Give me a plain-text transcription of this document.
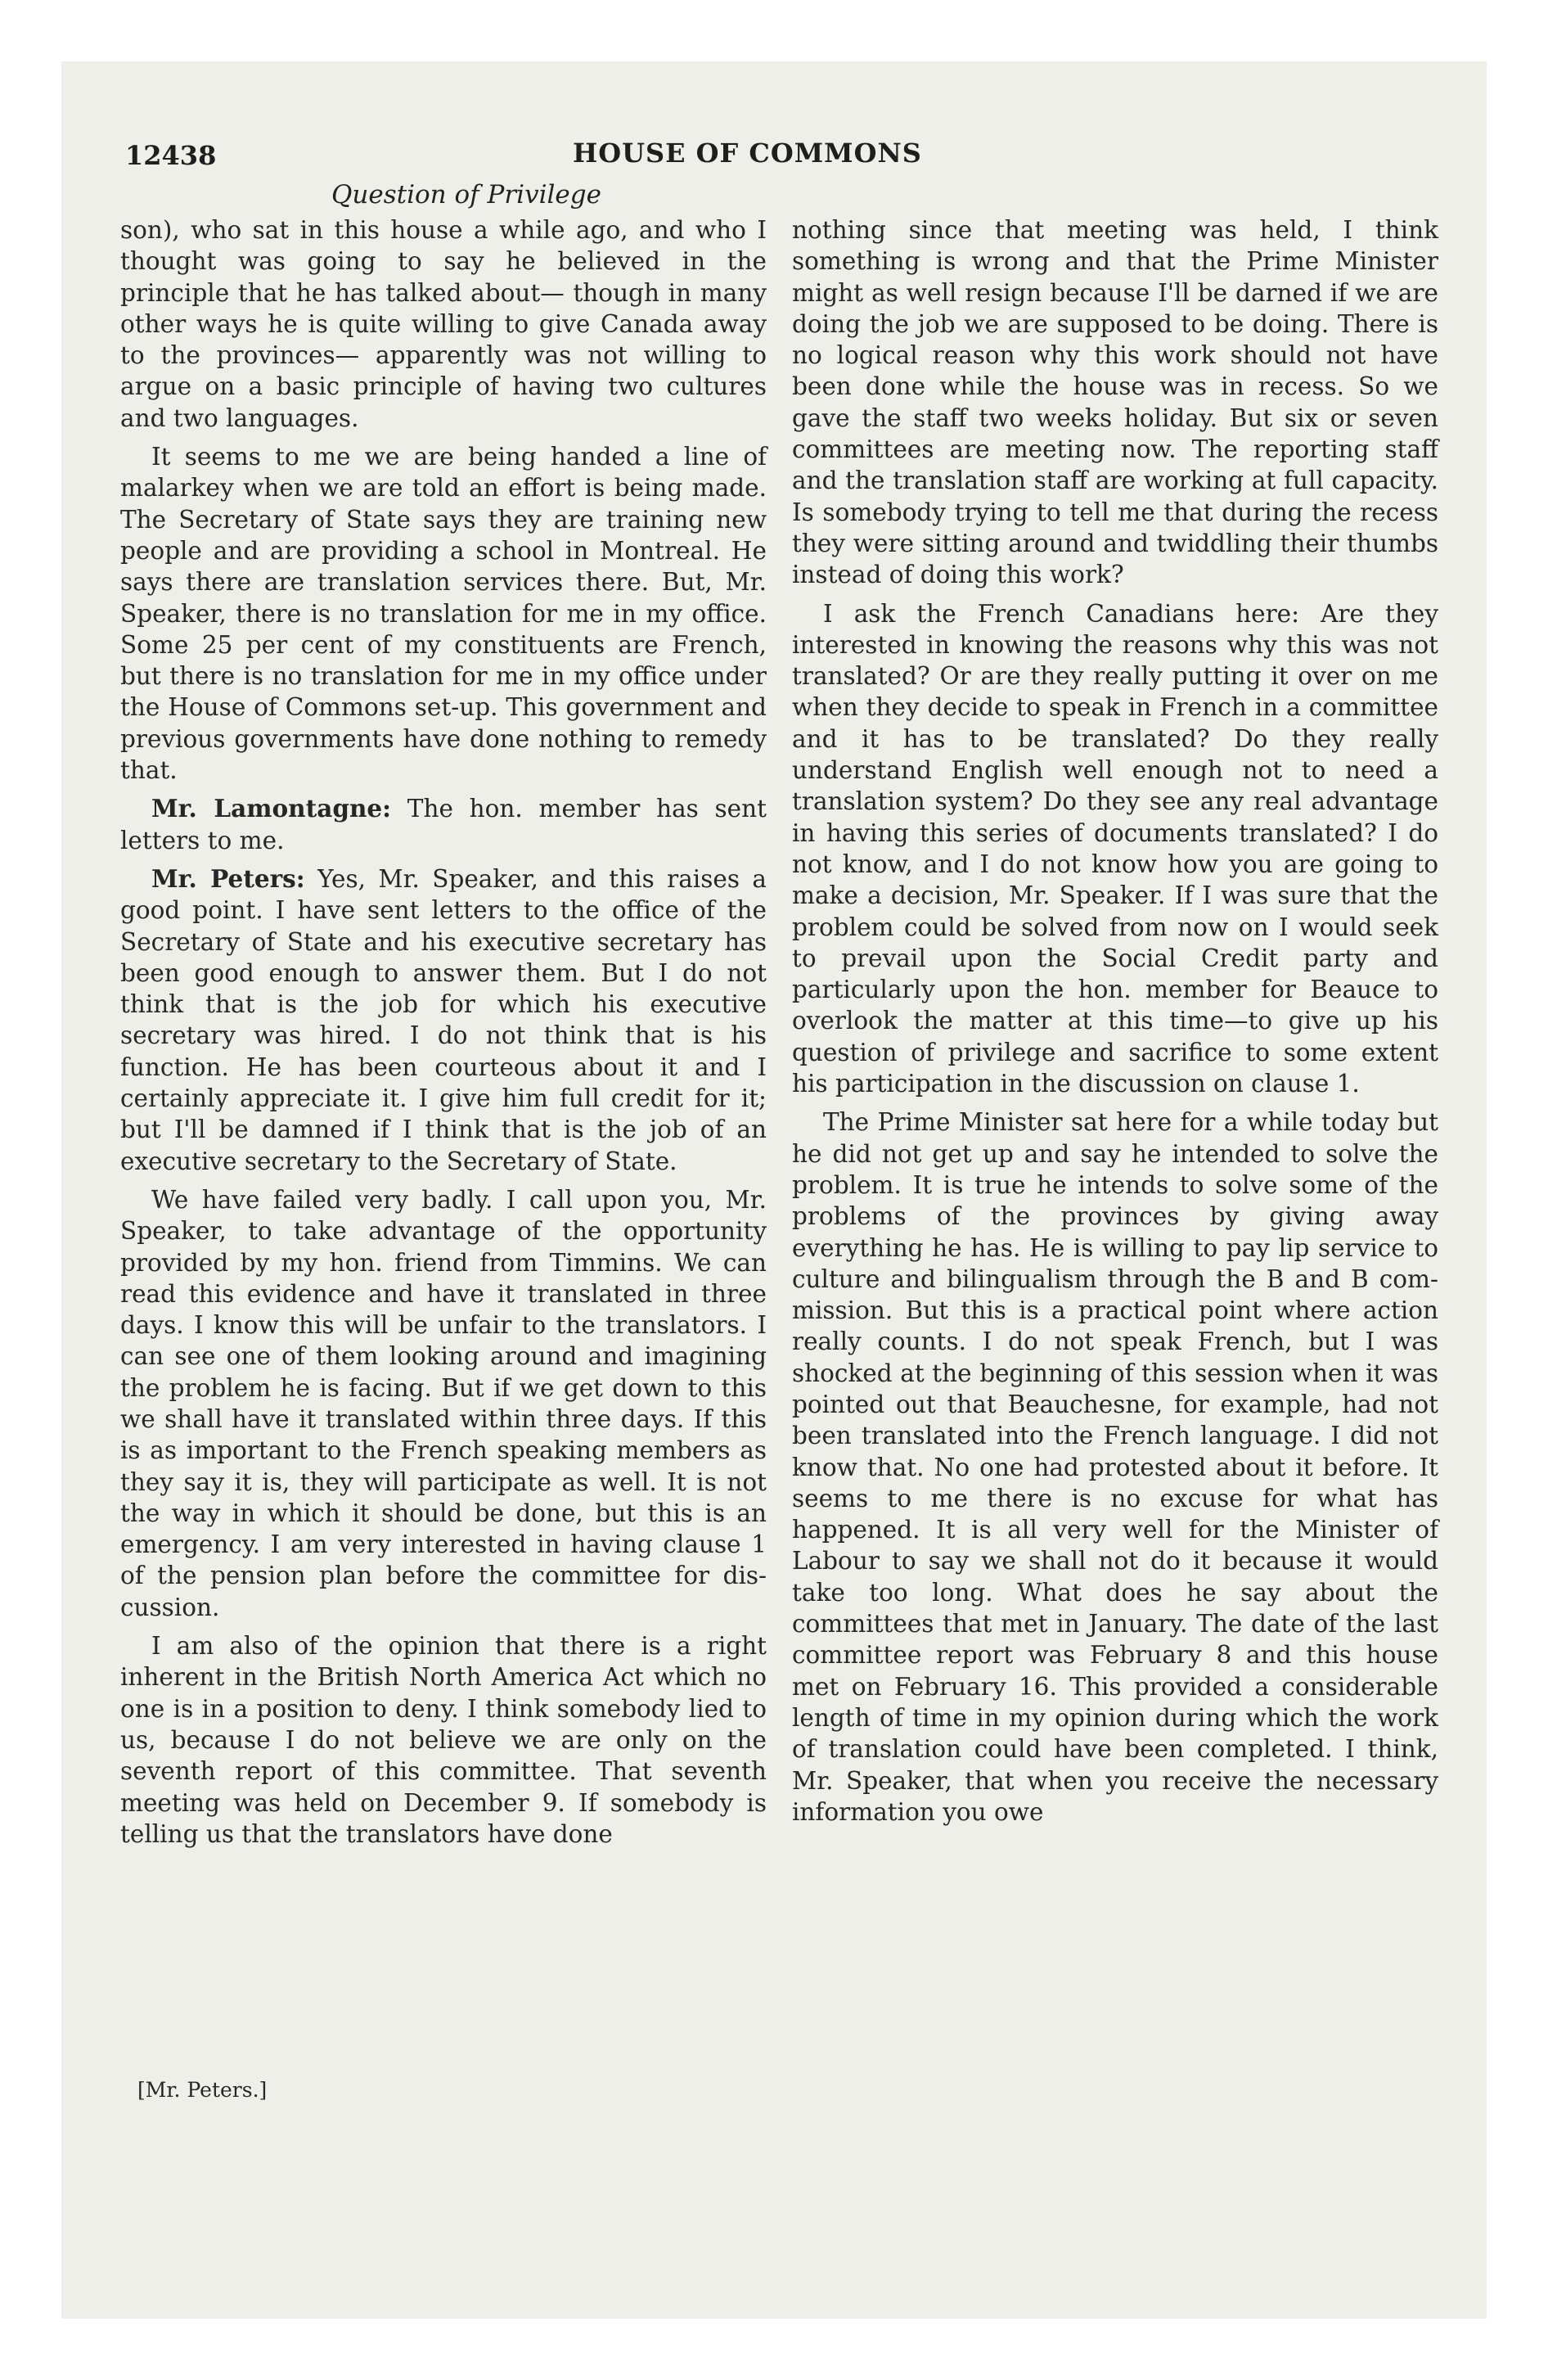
12438	HOUSE OF COMMONS
Question of Privilege

son), who sat in this house a while ago, and who I thought was going to say he believed in the principle that he has talked about— though in many other ways he is quite willing to give Canada away to the provinces— apparently was not willing to argue on a basic principle of having two cultures and two languages.

It seems to me we are being handed a line of malarkey when we are told an effort is being made. The Secretary of State says they are training new people and are providing a school in Montreal. He says there are translation services there. But, Mr. Speaker, there is no translation for me in my office. Some 25 per cent of my constituents are French, but there is no translation for me in my office under the House of Commons set-up. This government and previous governments have done nothing to remedy that.

Mr. Lamontagne: The hon. member has sent letters to me.

Mr. Peters: Yes, Mr. Speaker, and this raises a good point. I have sent letters to the office of the Secretary of State and his executive secretary has been good enough to answer them. But I do not think that is the job for which his executive secretary was hired. I do not think that is his function. He has been courteous about it and I certainly appreciate it. I give him full credit for it; but I'll be damned if I think that is the job of an executive secretary to the Secretary of State.

We have failed very badly. I call upon you, Mr. Speaker, to take advantage of the opportunity provided by my hon. friend from Timmins. We can read this evidence and have it translated in three days. I know this will be unfair to the translators. I can see one of them looking around and imagining the problem he is facing. But if we get down to this we shall have it translated within three days. If this is as important to the French speaking members as they say it is, they will participate as well. It is not the way in which it should be done, but this is an emergency. I am very interested in having clause 1 of the pension plan before the committee for discussion.

I am also of the opinion that there is a right inherent in the British North America Act which no one is in a position to deny. I think somebody lied to us, because I do not believe we are only on the seventh report of this committee. That seventh meeting was held on December 9. If somebody is telling us that the translators have done

nothing since that meeting was held, I think something is wrong and that the Prime Minister might as well resign because I'll be darned if we are doing the job we are supposed to be doing. There is no logical reason why this work should not have been done while the house was in recess. So we gave the staff two weeks holiday. But six or seven committees are meeting now. The reporting staff and the translation staff are working at full capacity. Is somebody trying to tell me that during the recess they were sitting around and twiddling their thumbs instead of doing this work?

I ask the French Canadians here: Are they interested in knowing the reasons why this was not translated? Or are they really putting it over on me when they decide to speak in French in a committee and it has to be translated? Do they really understand English well enough not to need a translation system? Do they see any real advantage in having this series of documents translated? I do not know, and I do not know how you are going to make a decision, Mr. Speaker. If I was sure that the problem could be solved from now on I would seek to prevail upon the Social Credit party and particularly upon the hon. member for Beauce to overlook the matter at this time—to give up his question of privilege and sacrifice to some extent his participation in the discussion on clause 1.

The Prime Minister sat here for a while today but he did not get up and say he intended to solve the problem. It is true he intends to solve some of the problems of the provinces by giving away everything he has. He is willing to pay lip service to culture and bilingualism through the B and B commission. But this is a practical point where action really counts. I do not speak French, but I was shocked at the beginning of this session when it was pointed out that Beauchesne, for example, had not been translated into the French language. I did not know that. No one had protested about it before. It seems to me there is no excuse for what has happened. It is all very well for the Minister of Labour to say we shall not do it because it would take too long. What does he say about the committees that met in January. The date of the last committee report was February 8 and this house met on February 16. This provided a considerable length of time in my opinion during which the work of translation could have been completed. I think, Mr. Speaker, that when you receive the necessary information you owe

[Mr. Peters.]
